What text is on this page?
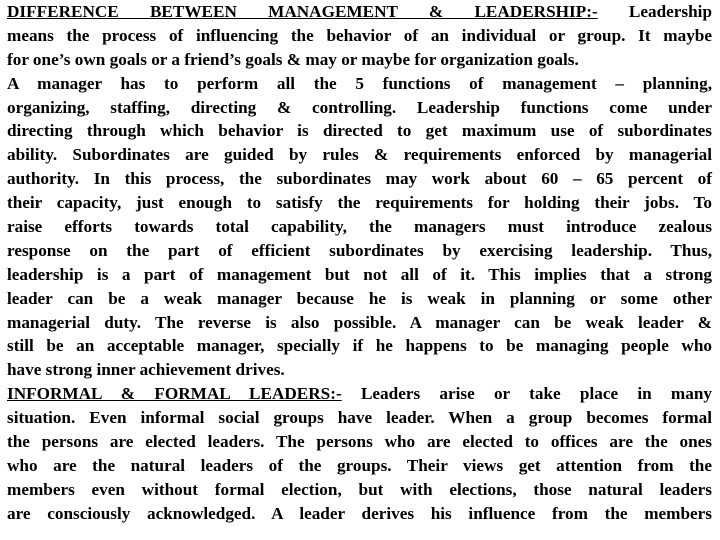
DIFFERENCE BETWEEN MANAGEMENT & LEADERSHIP:- Leadership
means the process of influencing the behavior of an individual or group. It maybe
for one’s own goals or a friend’s goals & may or maybe for organization goals.
A manager has to perform all the 5 functions of management – planning,
organizing, staffing, directing & controlling. Leadership functions come under
directing through which behavior is directed to get maximum use of subordinates
ability. Subordinates are guided by rules & requirements enforced by managerial
authority. In this process, the subordinates may work about 60 – 65 percent of
their capacity, just enough to satisfy the requirements for holding their jobs. To
raise efforts towards total capability, the managers must introduce zealous
response on the part of efficient subordinates by exercising leadership. Thus,
leadership is a part of management but not all of it. This implies that a strong
leader can be a weak manager because he is weak in planning or some other
managerial duty. The reverse is also possible. A manager can be weak leader &
still be an acceptable manager, specially if he happens to be managing people who
have strong inner achievement drives.
INFORMAL & FORMAL LEADERS:- Leaders arise or take place in many
situation. Even informal social groups have leader. When a group becomes formal
the persons are elected leaders. The persons who are elected to offices are the ones
who are the natural leaders of the groups. Their views get attention from the
members even without formal election, but with elections, those natural leaders
are consciously acknowledged. A leader derives his influence from the members
